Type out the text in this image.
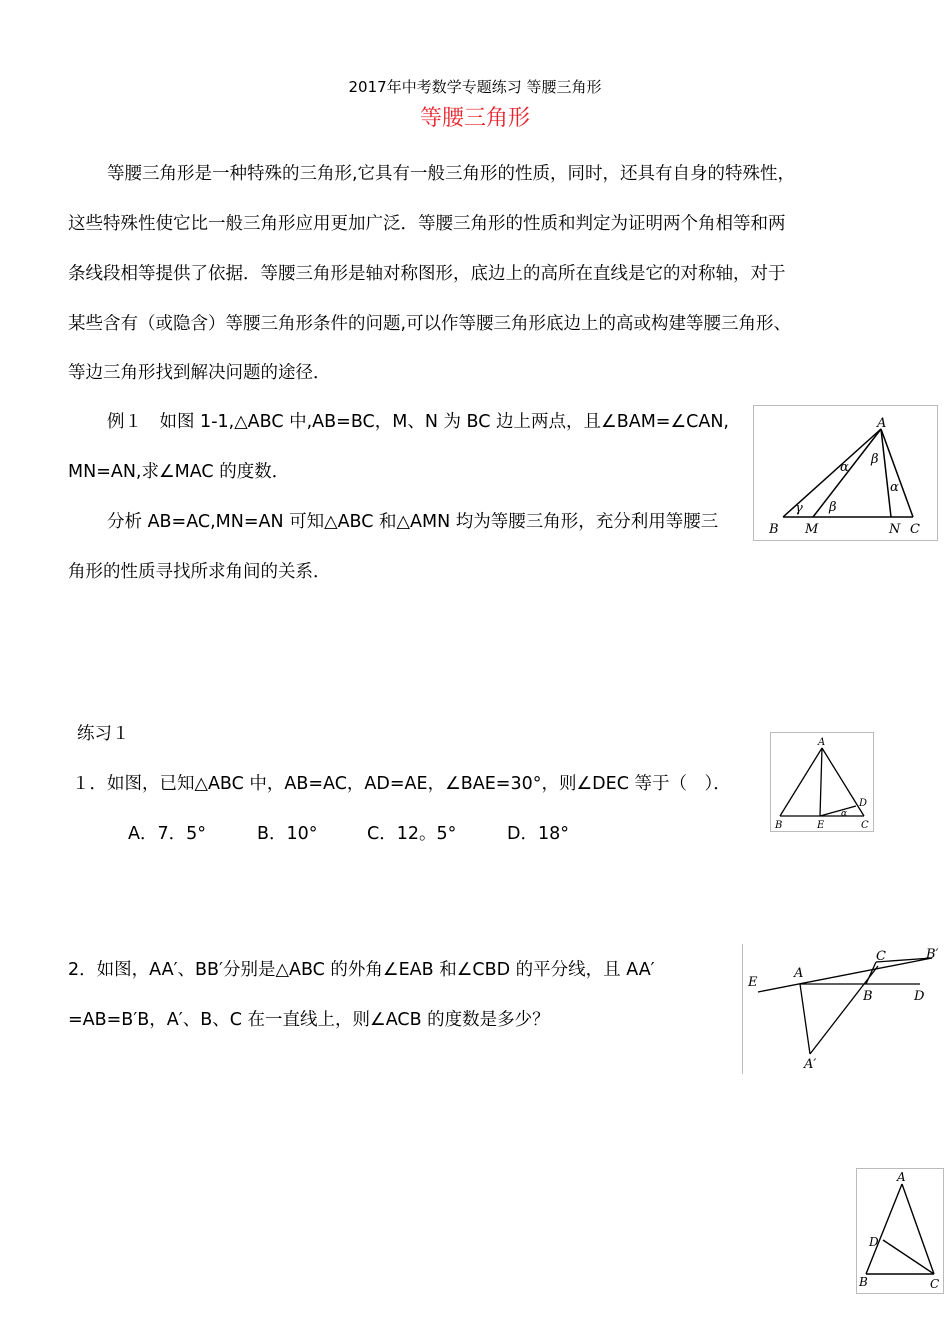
2017年中考数学专题练习 等腰三角形
等腰三角形
等腰三角形是一种特殊的三角形,它具有一般三角形的性质，同时，还具有自身的特殊性，
这些特殊性使它比一般三角形应用更加广泛．等腰三角形的性质和判定为证明两个角相等和两
条线段相等提供了依据．等腰三角形是轴对称图形，底边上的高所在直线是它的对称轴，对于
某些含有（或隐含）等腰三角形条件的问题,可以作等腰三角形底边上的高或构建等腰三角形、
等边三角形找到解决问题的途径．
例１　如图 1-1,△ABC 中,AB=BC，M、N 为 BC 边上两点，且∠BAM=∠CAN,
MN=AN,求∠MAC 的度数．
分析 AB=AC,MN=AN 可知△ABC 和△AMN 均为等腰三角形，充分利用等腰三
角形的性质寻找所求角间的关系．
A
B M	N C
α
β
α
β
γ
练习１
１．如图，已知△ABC 中，AB=AC，AD=AE，∠BAE=30°，则∠DEC 等于（　）．
A．7．5°	B．10°	C．12。5°	D．18°
A
B	E	C
D
α
2．如图，AA′、BB′分别是△ABC 的外角∠EAB 和∠CBD 的平分线，且 AA′
=AB=B′B，A′、B、C 在一直线上，则∠ACB 的度数是多少？
E
A
C	B′
B	D
A′
A
D
B	C
